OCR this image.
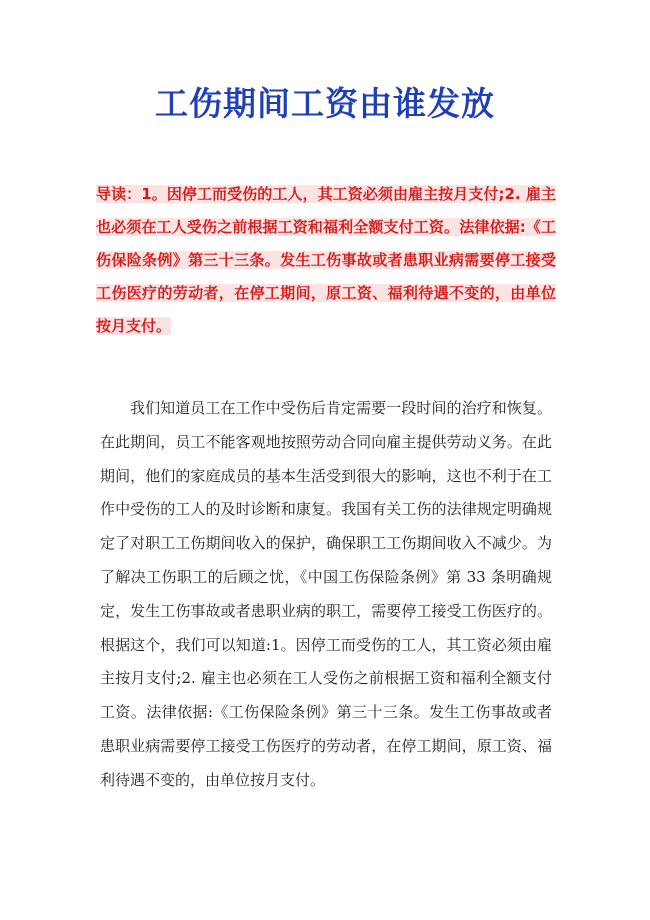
工伤期间工资由谁发放
导读：1。因停工而受伤的工人，其工资必须由雇主按月支付;2. 雇主也必须在工人受伤之前根据工资和福利全额支付工资。法律依据:《工伤保险条例》第三十三条。发生工伤事故或者患职业病需要停工接受工伤医疗的劳动者，在停工期间，原工资、福利待遇不变的，由单位按月支付。

我们知道员工在工作中受伤后肯定需要一段时间的治疗和恢复。在此期间，员工不能客观地按照劳动合同向雇主提供劳动义务。在此期间，他们的家庭成员的基本生活受到很大的影响，这也不利于在工作中受伤的工人的及时诊断和康复。我国有关工伤的法律规定明确规定了对职工工伤期间收入的保护，确保职工工伤期间收入不减少。为了解决工伤职工的后顾之忧，《中国工伤保险条例》第 33 条明确规定，发生工伤事故或者患职业病的职工，需要停工接受工伤医疗的。根据这个，我们可以知道:1。因停工而受伤的工人，其工资必须由雇主按月支付;2. 雇主也必须在工人受伤之前根据工资和福利全额支付工资。法律依据:《工伤保险条例》第三十三条。发生工伤事故或者患职业病需要停工接受工伤医疗的劳动者，在停工期间，原工资、福利待遇不变的，由单位按月支付。
